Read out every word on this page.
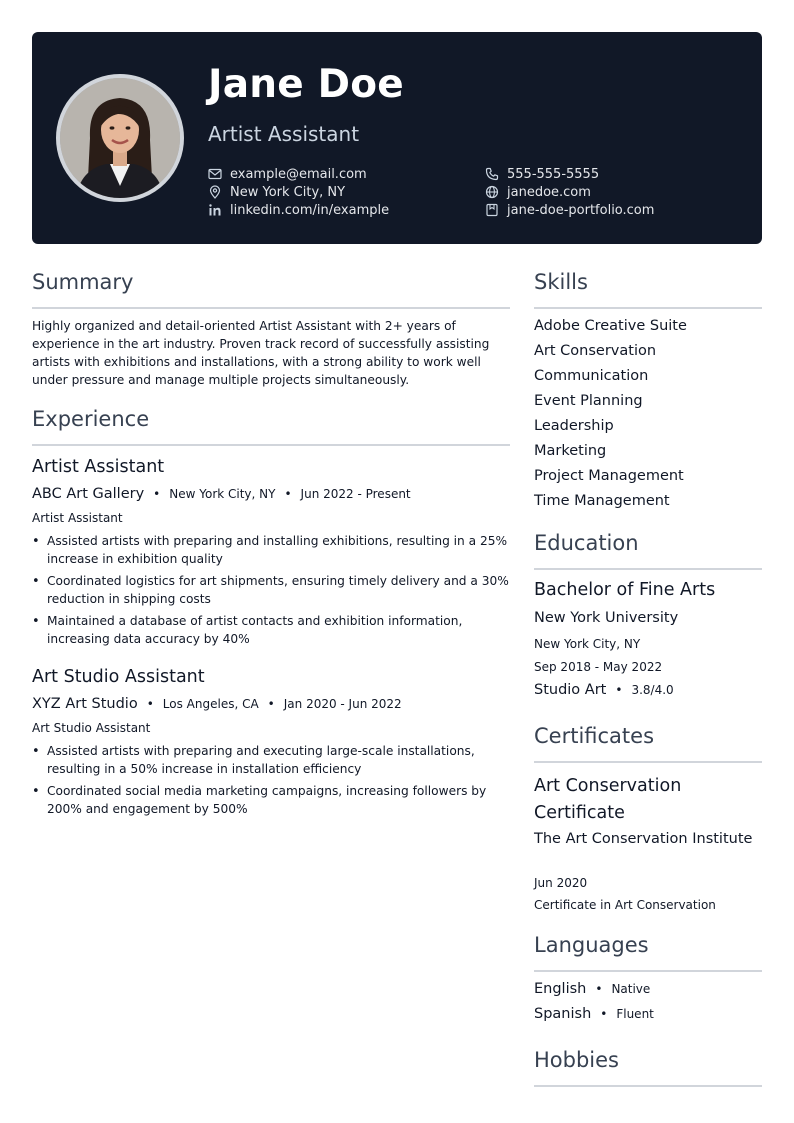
Jane Doe
Artist Assistant
example@email.com
New York City, NY
linkedin.com/in/example
555-555-5555
janedoe.com
jane-doe-portfolio.com
Summary
Highly organized and detail-oriented Artist Assistant with 2+ years of experience in the art industry. Proven track record of successfully assisting artists with exhibitions and installations, with a strong ability to work well under pressure and manage multiple projects simultaneously.
Experience
Artist Assistant
ABC Art Gallery • New York City, NY • Jun 2022 - Present
Artist Assistant
• Assisted artists with preparing and installing exhibitions, resulting in a 25% increase in exhibition quality
• Coordinated logistics for art shipments, ensuring timely delivery and a 30% reduction in shipping costs
• Maintained a database of artist contacts and exhibition information, increasing data accuracy by 40%
Art Studio Assistant
XYZ Art Studio • Los Angeles, CA • Jan 2020 - Jun 2022
Art Studio Assistant
• Assisted artists with preparing and executing large-scale installations, resulting in a 50% increase in installation efficiency
• Coordinated social media marketing campaigns, increasing followers by 200% and engagement by 500%
Skills
Adobe Creative Suite
Art Conservation
Communication
Event Planning
Leadership
Marketing
Project Management
Time Management
Education
Bachelor of Fine Arts
New York University
New York City, NY
Sep 2018 - May 2022
Studio Art • 3.8/4.0
Certificates
Art Conservation Certificate
The Art Conservation Institute
Jun 2020
Certificate in Art Conservation
Languages
English • Native
Spanish • Fluent
Hobbies
